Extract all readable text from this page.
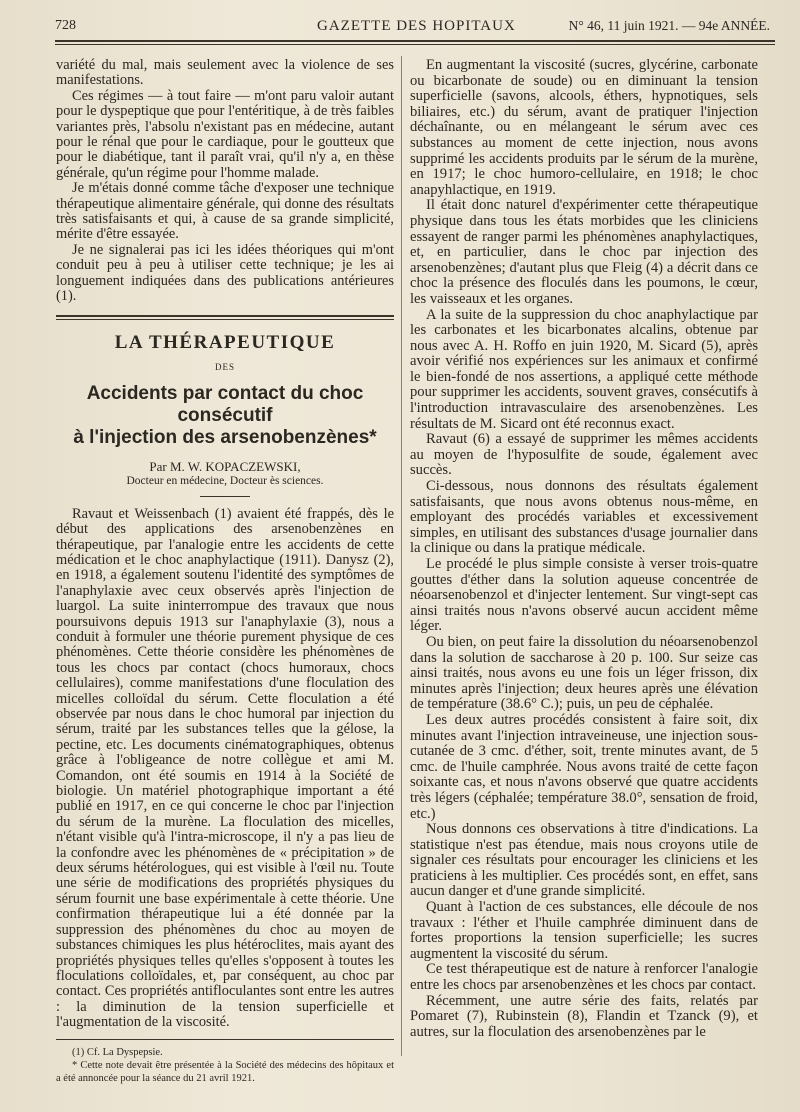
728	GAZETTE DES HOPITAUX	N° 46, 11 juin 1921. — 94e ANNÉE.

variété du mal, mais seulement avec la violence de ses manifestations.

Ces régimes — à tout faire — m'ont paru valoir autant pour le dyspeptique que pour l'entéritique, à de très faibles variantes près, l'absolu n'existant pas en médecine, autant pour le rénal que pour le cardiaque, pour le goutteux que pour le diabétique, tant il paraît vrai, qu'il n'y a, en thèse générale, qu'un régime pour l'homme malade.

Je m'étais donné comme tâche d'exposer une technique thérapeutique alimentaire générale, qui donne des résultats très satisfaisants et qui, à cause de sa grande simplicité, mérite d'être essayée.

Je ne signalerai pas ici les idées théoriques qui m'ont conduit peu à peu à utiliser cette technique; je les ai longuement indiquées dans des publications antérieures (1).

LA THÉRAPEUTIQUE
DES
Accidents par contact du choc consécutif
à l'injection des arsenobenzènes*
Par M. W. KOPACZEWSKI,
Docteur en médecine, Docteur ès sciences.

Ravaut et Weissenbach (1) avaient été frappés, dès le début des applications des arsenobenzènes en thérapeutique, par l'analogie entre les accidents de cette médication et le choc anaphylactique (1911). Danysz (2), en 1918, a également soutenu l'identité des symptômes de l'anaphylaxie avec ceux observés après l'injection de luargol. La suite ininterrompue des travaux que nous poursuivons depuis 1913 sur l'anaphylaxie (3), nous a conduit à formuler une théorie purement physique de ces phénomènes. Cette théorie considère les phénomènes de tous les chocs par contact (chocs humoraux, chocs cellulaires), comme manifestations d'une floculation des micelles colloïdal du sérum. Cette floculation a été observée par nous dans le choc humoral par injection du sérum, traité par les substances telles que la gélose, la pectine, etc. Les documents cinématographiques, obtenus grâce à l'obligeance de notre collègue et ami M. Comandon, ont été soumis en 1914 à la Société de biologie. Un matériel photographique important a été publié en 1917, en ce qui concerne le choc par l'injection du sérum de la murène. La floculation des micelles, n'étant visible qu'à l'intra-microscope, il n'y a pas lieu de la confondre avec les phénomènes de « précipitation » de deux sérums hétérologues, qui est visible à l'œil nu. Toute une série de modifications des propriétés physiques du sérum fournit une base expérimentale à cette théorie. Une confirmation thérapeutique lui a été donnée par la suppression des phénomènes du choc au moyen de substances chimiques les plus hétéroclites, mais ayant des propriétés physiques telles qu'elles s'opposent à toutes les floculations colloïdales, et, par conséquent, au choc par contact. Ces propriétés antifloculantes sont entre les autres : la diminution de la tension superficielle et l'augmentation de la viscosité.

(1) Cf. La Dyspepsie.

* Cette note devait être présentée à la Société des médecins des hôpitaux et a été annoncée pour la séance du 21 avril 1921.

En augmentant la viscosité (sucres, glycérine, carbonate ou bicarbonate de soude) ou en diminuant la tension superficielle (savons, alcools, éthers, hypnotiques, sels biliaires, etc.) du sérum, avant de pratiquer l'injection déchaînante, ou en mélangeant le sérum avec ces substances au moment de cette injection, nous avons supprimé les accidents produits par le sérum de la murène, en 1917; le choc humoro-cellulaire, en 1918; le choc anapyhlactique, en 1919.

Il était donc naturel d'expérimenter cette thérapeutique physique dans tous les états morbides que les cliniciens essayent de ranger parmi les phénomènes anaphylactiques, et, en particulier, dans le choc par injection des arsenobenzènes; d'autant plus que Fleig (4) a décrit dans ce choc la présence des floculés dans les poumons, le cœur, les vaisseaux et les organes.

A la suite de la suppression du choc anaphylactique par les carbonates et les bicarbonates alcalins, obtenue par nous avec A. H. Roffo en juin 1920, M. Sicard (5), après avoir vérifié nos expériences sur les animaux et confirmé le bien-fondé de nos assertions, a appliqué cette méthode pour supprimer les accidents, souvent graves, consécutifs à l'introduction intravasculaire des arsenobenzènes. Les résultats de M. Sicard ont été reconnus exact.

Ravaut (6) a essayé de supprimer les mêmes accidents au moyen de l'hyposulfite de soude, également avec succès.

Ci-dessous, nous donnons des résultats également satisfaisants, que nous avons obtenus nous-même, en employant des procédés variables et excessivement simples, en utilisant des substances d'usage journalier dans la clinique ou dans la pratique médicale.

Le procédé le plus simple consiste à verser trois-quatre gouttes d'éther dans la solution aqueuse concentrée de néoarsenobenzol et d'injecter lentement. Sur vingt-sept cas ainsi traités nous n'avons observé aucun accident même léger.

Ou bien, on peut faire la dissolution du néoarsenobenzol dans la solution de saccharose à 20 p. 100. Sur seize cas ainsi traités, nous avons eu une fois un léger frisson, dix minutes après l'injection; deux heures après une élévation de température (38.6° C.); puis, un peu de céphalée.

Les deux autres procédés consistent à faire soit, dix minutes avant l'injection intraveineuse, une injection sous-cutanée de 3 cmc. d'éther, soit, trente minutes avant, de 5 cmc. de l'huile camphrée. Nous avons traité de cette façon soixante cas, et nous n'avons observé que quatre accidents très légers (céphalée; température 38.0°, sensation de froid, etc.)

Nous donnons ces observations à titre d'indications. La statistique n'est pas étendue, mais nous croyons utile de signaler ces résultats pour encourager les cliniciens et les praticiens à les multiplier. Ces procédés sont, en effet, sans aucun danger et d'une grande simplicité.

Quant à l'action de ces substances, elle découle de nos travaux : l'éther et l'huile camphrée diminuent dans de fortes proportions la tension superficielle; les sucres augmentent la viscosité du sérum.

Ce test thérapeutique est de nature à renforcer l'analogie entre les chocs par arsenobenzènes et les chocs par contact.

Récemment, une autre série des faits, relatés par Pomaret (7), Rubinstein (8), Flandin et Tzanck (9), et autres, sur la floculation des arsenobenzènes par le
